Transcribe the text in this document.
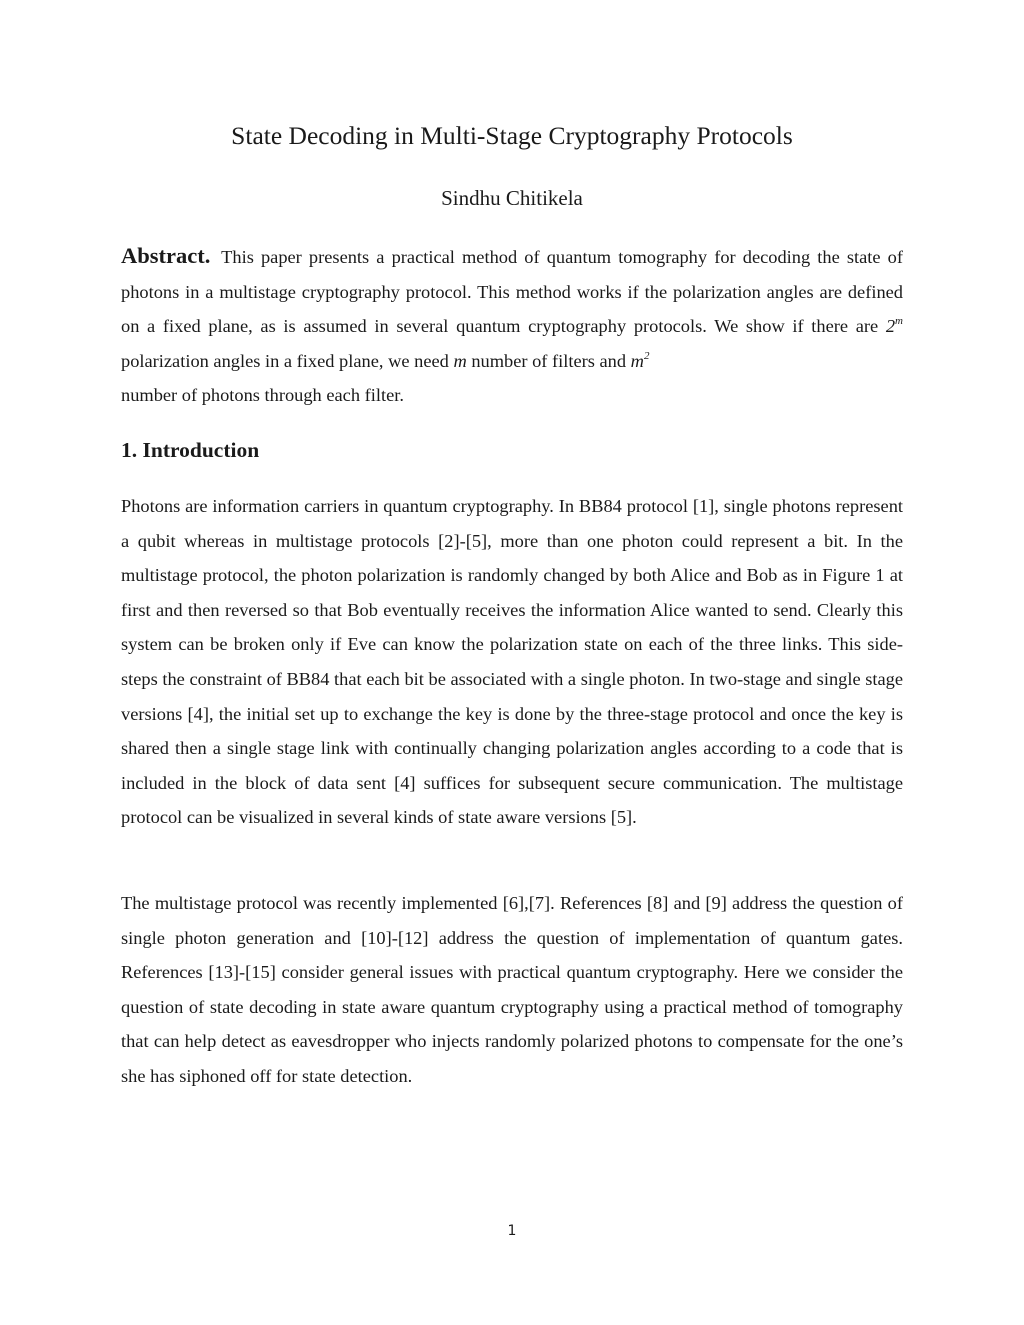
State Decoding in Multi-Stage Cryptography Protocols

Sindhu Chitikela

Abstract. This paper presents a practical method of quantum tomography for decoding the state of photons in a multistage cryptography protocol. This method works if the polarization angles are defined on a fixed plane, as is assumed in several quantum cryptography protocols. We show if there are 2$^m$ polarization angles in a fixed plane, we need m number of filters and $m^2$
number of photons through each filter.

1. Introduction

Photons are information carriers in quantum cryptography. In BB84 protocol [1], single photons represent a qubit whereas in multistage protocols [2]-[5], more than one photon could represent a bit. In the multistage protocol, the photon polarization is randomly changed by both Alice and Bob as in Figure 1 at first and then reversed so that Bob eventually receives the information Alice wanted to send. Clearly this system can be broken only if Eve can know the polarization state on each of the three links. This side-steps the constraint of BB84 that each bit be associated with a single photon. In two-stage and single stage versions [4], the initial set up to exchange the key is done by the three-stage protocol and once the key is shared then a single stage link with continually changing polarization angles according to a code that is included in the block of data sent [4] suffices for subsequent secure communication. The multistage protocol can be visualized in several kinds of state aware versions [5].

The multistage protocol was recently implemented [6],[7]. References [8] and [9] address the question of single photon generation and [10]-[12] address the question of implementation of quantum gates. References [13]-[15] consider general issues with practical quantum cryptography. Here we consider the question of state decoding in state aware quantum cryptography using a practical method of tomography that can help detect as eavesdropper who injects randomly polarized photons to compensate for the one’s she has siphoned off for state detection.

1
